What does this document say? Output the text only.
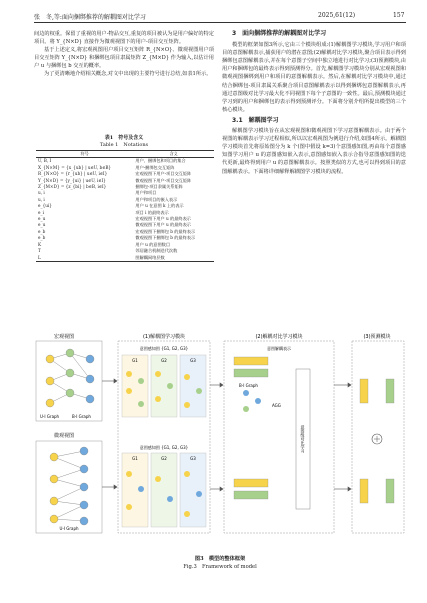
张　冬,等:面向捆绑推荐的解耦图对比学习	2025,61(12)	157

间边的权重。保留了重视的用户-物品交互,重复的项目被认为是用户偏好的特定项目。将 Y_{N×D} 直接作为微观视图下的用户-项目交互矩阵。

基于上述定义,将宏观视图用户项目交互矩阵 R_{N×O}、微观视图用户项目交互矩阵 Y_{N×D} 和捆绑包项目隶属矩阵 Z_{M×D} 作为输入,以估计用户 u 与捆绑包 b 交互的概率。

为了更清晰地介绍相关概念,对文中出现的主要符号进行总结,如表1所示。

表1　符号及含义
Table 1　Notations
符号	含义
U, B, I	用户、捆绑包和项目的集合
X_{N×M} = {x_{ub} | u∈U, b∈B}	用户-捆绑包交互矩阵
R_{N×O} = {r_{ub} | u∈U, i∈I}	宏观视图下用户-项目交互矩阵
Y_{N×D} = {y_{ui} | u∈U, i∈I}	微观视图下用户-项目交互矩阵
Z_{M×D} = {z_{bi} | b∈B, i∈I}	捆绑包-项目隶属关系矩阵
u, i	用户和项目
u, i	用户和项目的嵌入表示
e_{ui}	用户 u 在意图 k 上的表示
e_i	项目 i 的最终表示
e_u	宏观视图下用户 u 的最终表示
e_u	微观视图下用户 u 的最终表示
e_b	宏观视图下捆绑包 b 的最终表示
e_b	微观视图下捆绑包 b 的最终表示
K	用户 u 的意图数目
T	邻居融合机制迭代次数
L	图解耦网络层数

3　面向捆绑推荐的解耦图对比学习

模型的框架如图3所示,它由三个模块组成:(1)解耦图学习模块,学习用户和项目的意图解耦表示,捕获用户的潜在意图;(2)解耦对比学习模块,聚合项目表示得到捆绑包意图解耦表示,并在每个意图子空间中独立地进行对比学习;(3)预测模块,由用户和捆绑包的最终表示得到预测得分。首先,解耦图学习模块分别从宏观视图和微观视图捆绑到用户和项目的意图解耦表示。然后,在解耦对比学习模块中,通过结合捆绑包-项目隶属关系聚合项目意图解耦表示以得到捆绑包意图解耦表示,再通过意图级对比学习最大化不同视图下每个子意图的一致性。最后,预测模块通过学习到的用户和捆绑包的表示得到预测评分。下面将分别介绍所提出模型的三个核心模块。

3.1　解耦图学习

解耦图学习模块旨在从宏观视图和微观视图下学习意图解耦表示。由于两个视图的解耦表示学习过程相似,所以以宏观视图为例进行介绍,如图4所示。解耦图学习模块首先将原始图分为 k 个(图中假设 k=3)个意图感知图,再由每个意图感知图学习用户 u 的意图感知嵌入表示,意图感知嵌入表示合指导意图感知图的迭代更新,最终得到用户 u 的意图解耦表示。按照类似的方式,也可以得到项目的意图解耦表示。下面将详细解释解耦图学习模块的流程。

宏观视图
U-I Graph	B-I Graph
微观视图
U-I Graph
(1)解耦图学习模块
意图感知图 {G1, G2, G3}
G1	G2	G3
意图感知图 {G1, G2, G3}
G1	G2	G3
(2)解耦对比学习模块
意图解耦表示
B-I Graph
AGG
意图级对比学习
(3)预测模块
图3　模型的整体框架
Fig.3　Framework of model
